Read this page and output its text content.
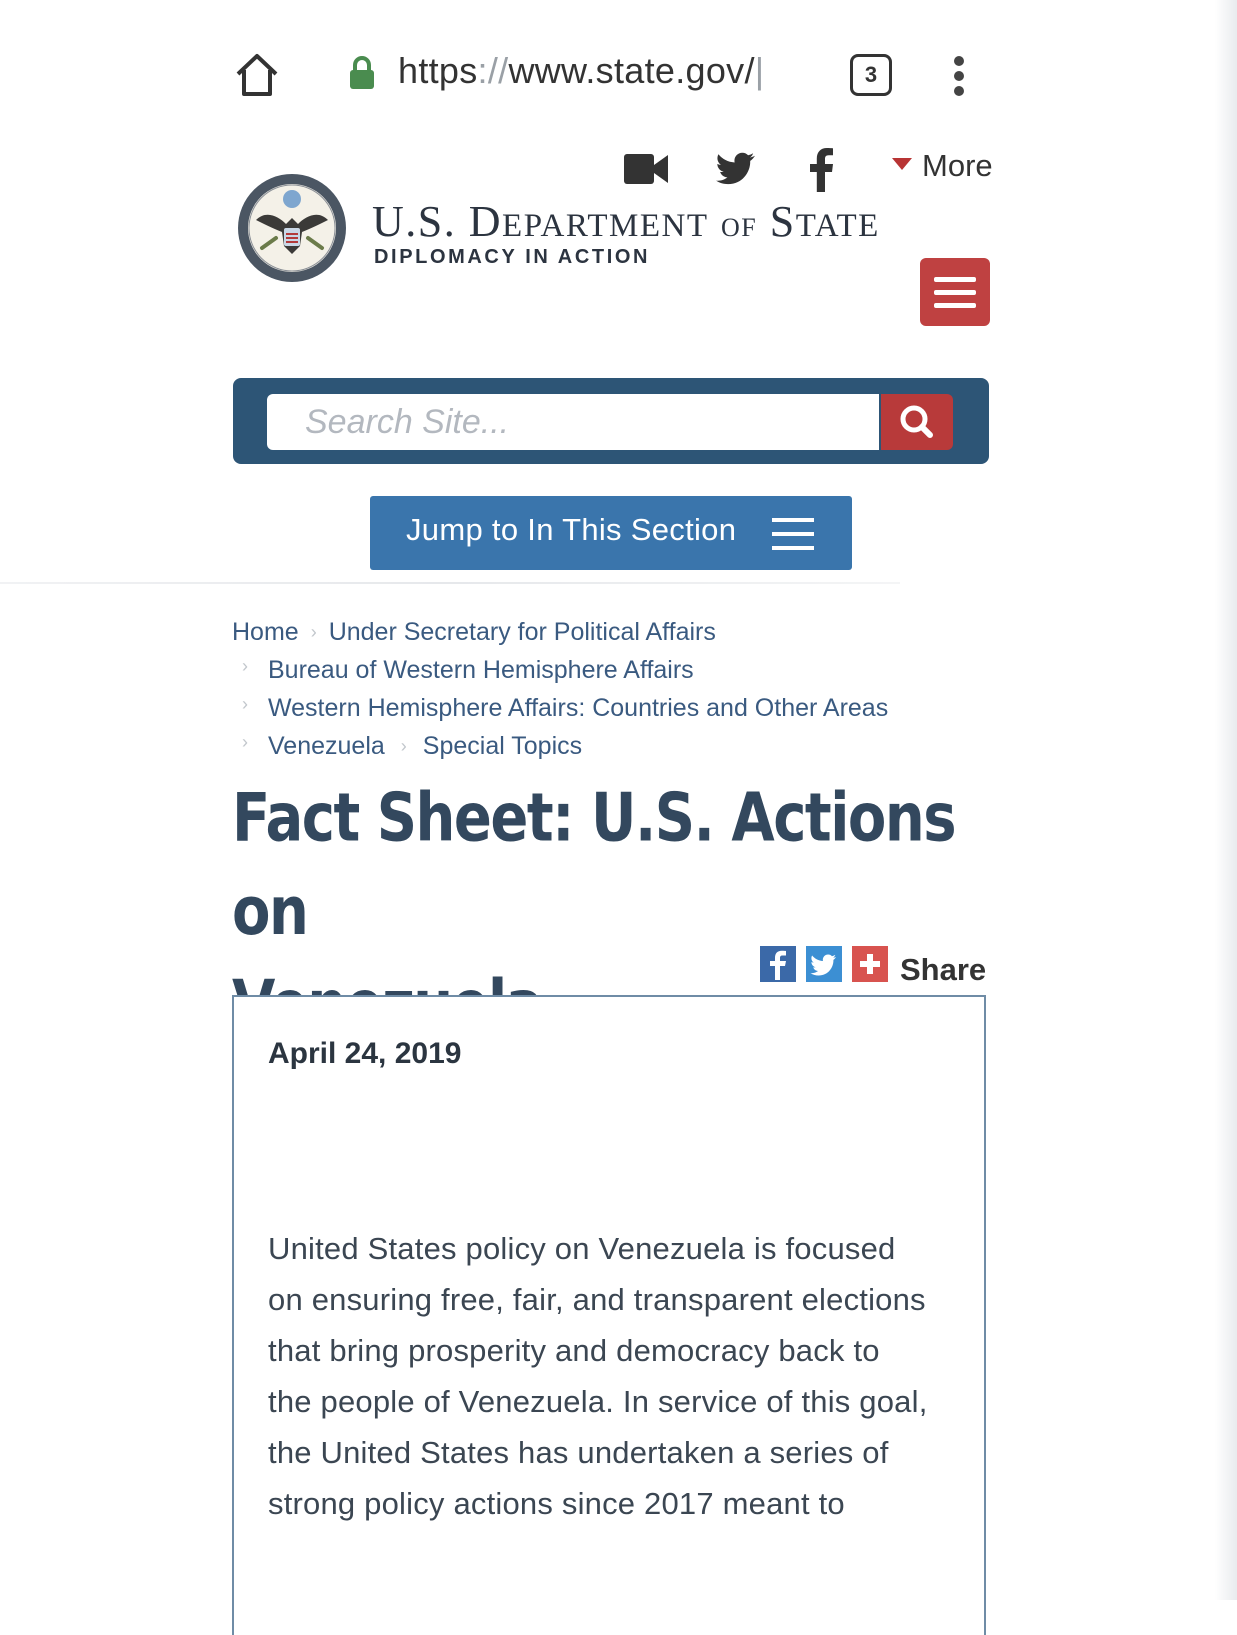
https://www.state.gov/|	3
More
U.S. DEPARTMENT OF STATE
DIPLOMACY IN ACTION
Search Site...
Jump to In This Section
Home › Under Secretary for Political Affairs
› Bureau of Western Hemisphere Affairs
› Western Hemisphere Affairs: Countries and Other Areas
› Venezuela › Special Topics
Fact Sheet: U.S. Actions on

Share
April 24, 2019
United States policy on Venezuela is focused
on ensuring free, fair, and transparent elections
that bring prosperity and democracy back to
the people of Venezuela. In service of this goal,
the United States has undertaken a series of
strong policy actions since 2017 meant to
